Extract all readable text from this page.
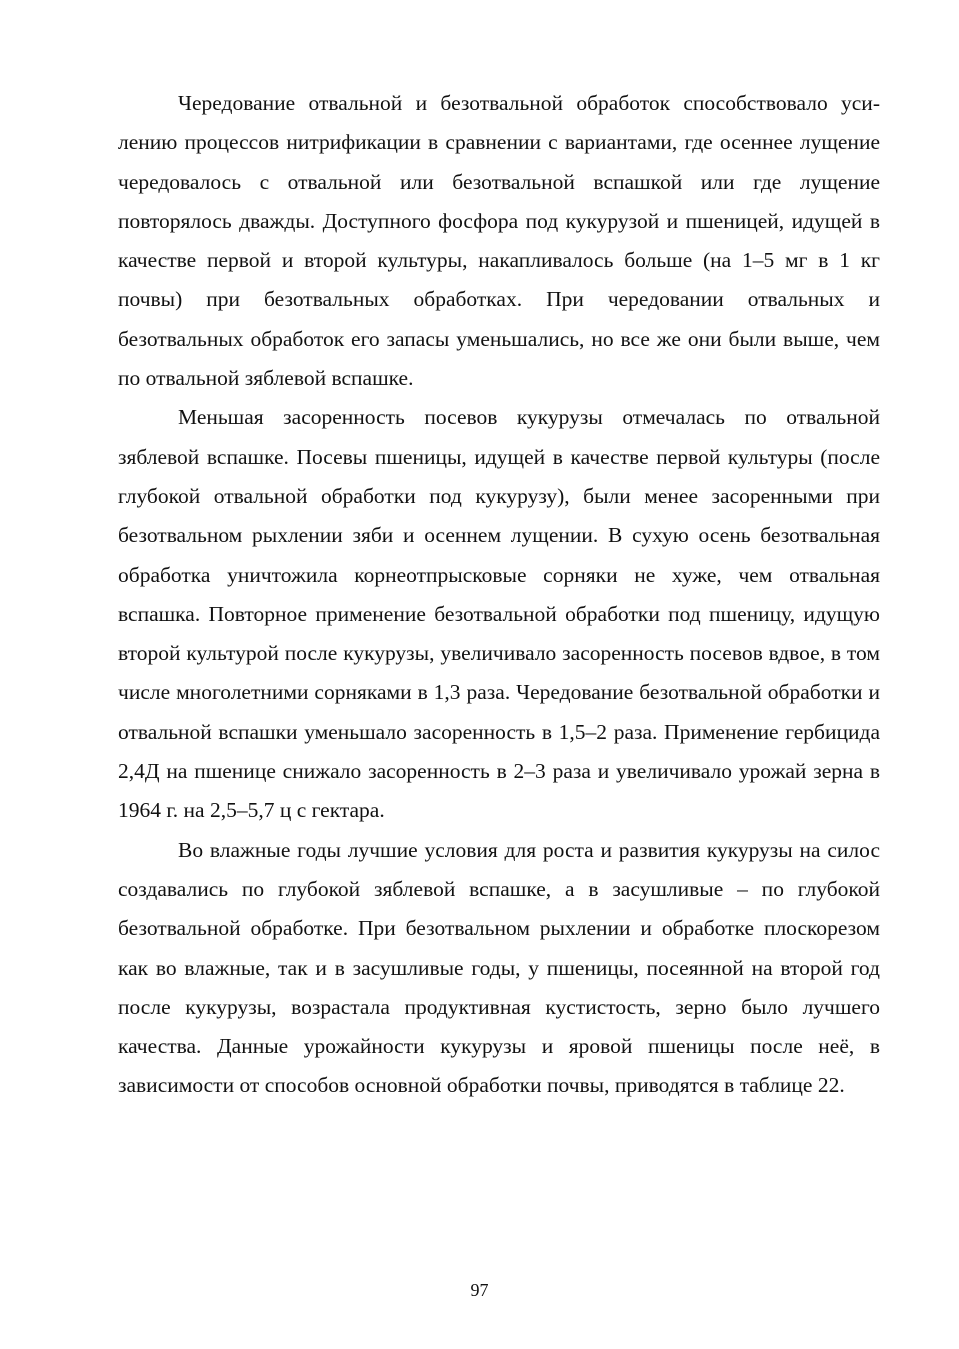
Чередование отвальной и безотвальной обработок способствовало усилению процессов нитрификации в сравнении с вариантами, где осеннее лущение чередовалось с отвальной или безотвальной вспашкой или где лущение повторялось дважды. Доступного фосфора под кукурузой и пшеницей, идущей в качестве первой и второй культуры, накапливалось больше (на 1–5 мг в 1 кг почвы) при безотвальных обработках. При чередовании отвальных и безотвальных обработок его запасы уменьшались, но все же они были выше, чем по отвальной зяблевой вспашке.

Меньшая засоренность посевов кукурузы отмечалась по отвальной зяблевой вспашке. Посевы пшеницы, идущей в качестве первой культуры (после глубокой отвальной обработки под кукурузу), были менее засоренными при безотвальном рыхлении зяби и осеннем лущении. В сухую осень безотвальная обработка уничтожила корнеотпрысковые сорняки не хуже, чем отвальная вспашка. Повторное применение безотвальной обработки под пшеницу, идущую второй культурой после кукурузы, увеличивало засоренность посевов вдвое, в том числе многолетними сорняками в 1,3 раза. Чередование безотвальной обработки и отвальной вспашки уменьшало засоренность в 1,5–2 раза. Применение гербицида 2,4Д на пшенице снижало засоренность в 2–3 раза и увеличивало урожай зерна в 1964 г. на 2,5–5,7 ц с гектара.

Во влажные годы лучшие условия для роста и развития кукурузы на силос создавались по глубокой зяблевой вспашке, а в засушливые – по глубокой безотвальной обработке. При безотвальном рыхлении и обработке плоскорезом как во влажные, так и в засушливые годы, у пшеницы, посеянной на второй год после кукурузы, возрастала продуктивная кустистость, зерно было лучшего качества. Данные урожайности кукурузы и яровой пшеницы после неё, в зависимости от способов основной обработки почвы, приводятся в таблице 22.

97
